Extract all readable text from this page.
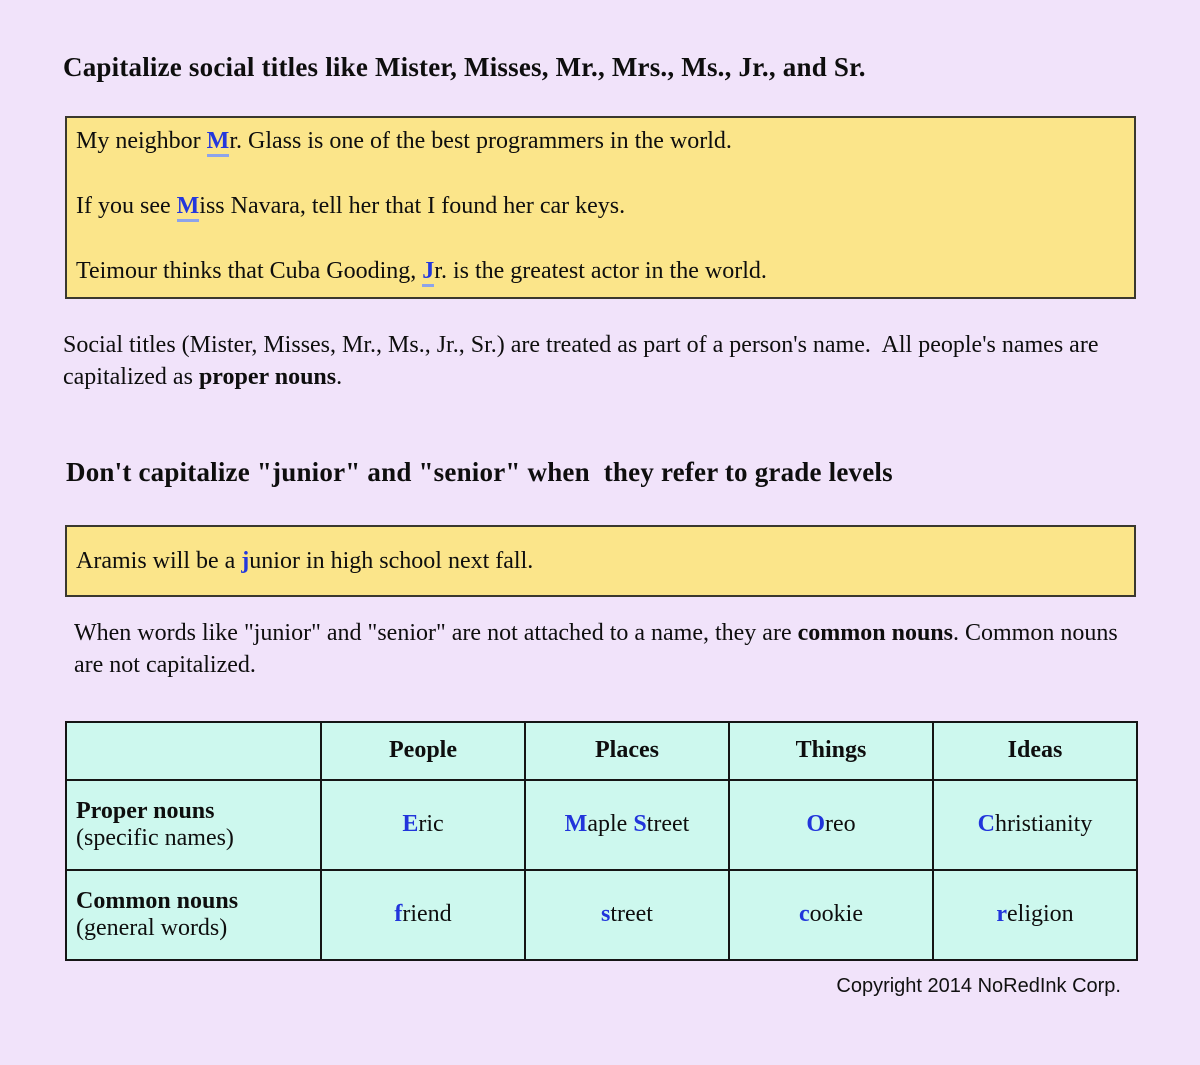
Capitalize social titles like Mister, Misses, Mr., Mrs., Ms., Jr., and Sr.

My neighbor Mr. Glass is one of the best programmers in the world.

If you see Miss Navara, tell her that I found her car keys.

Teimour thinks that Cuba Gooding, Jr. is the greatest actor in the world.

Social titles (Mister, Misses, Mr., Ms., Jr., Sr.) are treated as part of a person's name.  All people's names are capitalized as proper nouns.

Don't capitalize "junior" and "senior" when  they refer to grade levels

Aramis will be a junior in high school next fall.

When words like "junior" and "senior" are not attached to a name, they are common nouns. Common nouns are not capitalized.

	People	Places	Things	Ideas
Proper nouns
(specific names)	Eric	Maple Street	Oreo	Christianity
Common nouns
(general words)	friend	street	cookie	religion
Copyright 2014 NoRedInk Corp.
